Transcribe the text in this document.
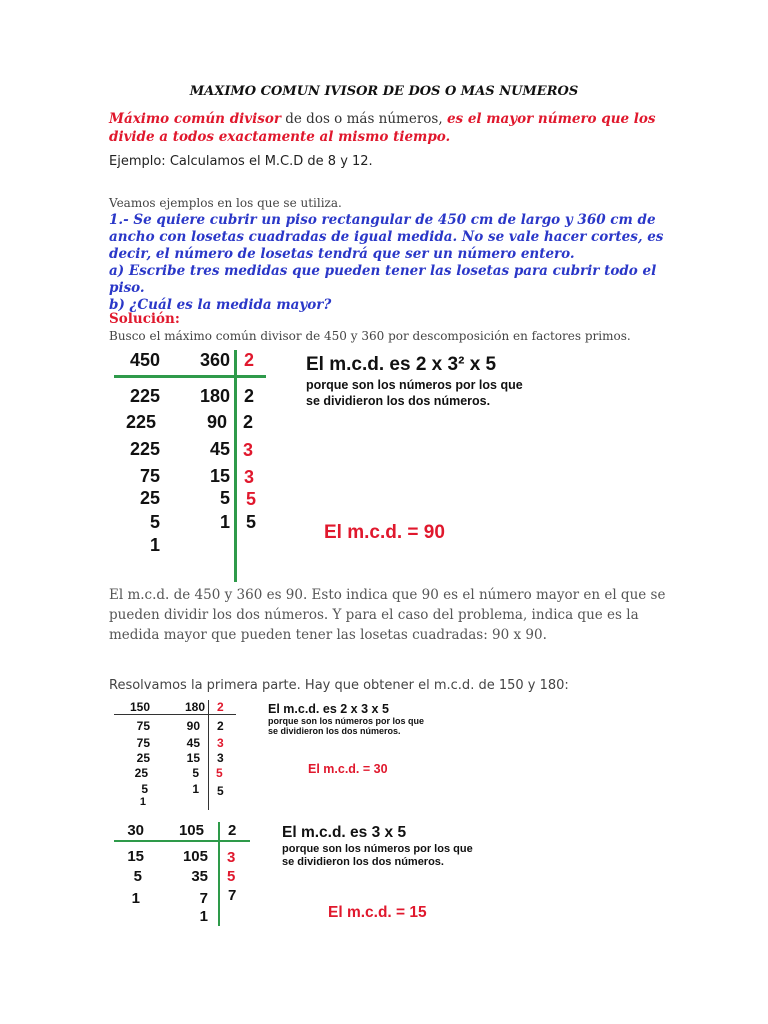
MAXIMO COMUN IVISOR DE DOS O MAS NUMEROS
Máximo común divisor de dos o más números, es el mayor número que los divide a todos exactamente al mismo tiempo.
Ejemplo: Calculamos el M.C.D de 8 y 12.
Veamos ejemplos en los que se utiliza.
1.- Se quiere cubrir un piso rectangular de 450 cm de largo y 360 cm de ancho con losetas cuadradas de igual medida. No se vale hacer cortes, es decir, el número de losetas tendrá que ser un número entero.
a) Escribe tres medidas que pueden tener las losetas para cubrir todo el piso.
b) ¿Cuál es la medida mayor?
Solución:
Busco el máximo común divisor de 450 y 360 por descomposición en factores primos.
450	360 2
225	180 2
225	90 2
225	45 3
75	15 3
25	5 5
5	1 5
1
El m.c.d. es 2 x 3² x 5
porque son los números por los que
se dividieron los dos números.
El m.c.d. = 90
El m.c.d. de 450 y 360 es 90. Esto indica que 90 es el número mayor en el que se pueden dividir los dos números. Y para el caso del problema, indica que es la medida mayor que pueden tener las losetas cuadradas: 90 x 90.
Resolvamos la primera parte. Hay que obtener el m.c.d. de 150 y 180:
150	180 2
75	90 2
75	45 3
25	15 3
25	5 5
5	1 5
1
El m.c.d. es 2 x 3 x 5
porque son los números por los que
se dividieron los dos números.
El m.c.d. = 30
30	105 2
15	105 3
5	35 5
1	7 7
1
El m.c.d. es 3 x 5
porque son los números por los que
se dividieron los dos números.
El m.c.d. = 15
